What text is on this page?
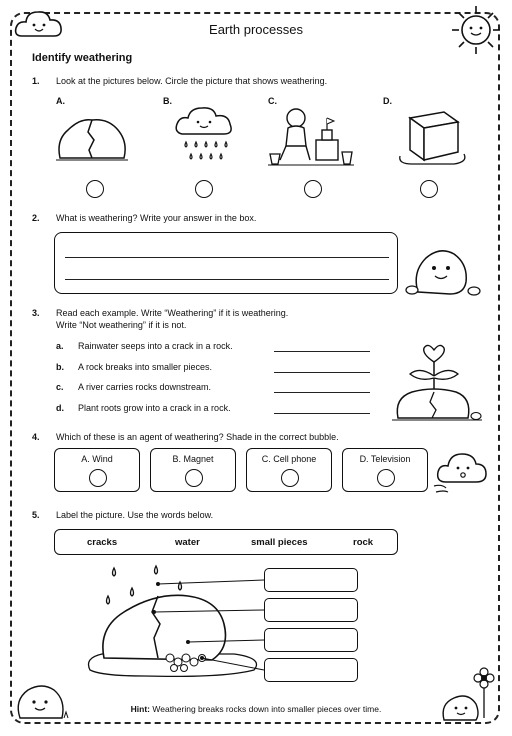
Earth processes
Identify weathering
1. Look at the pictures below. Circle the picture that shows weathering.
A.	B.	C.	D.
2. What is weathering? Write your answer in the box.
3. Read each example. Write “Weathering” if it is weathering.
Write “Not weathering” if it is not.
a. Rainwater seeps into a crack in a rock.
b. A rock breaks into smaller pieces.
c. A river carries rocks downstream.
d. Plant roots grow into a crack in a rock.
4. Which of these is an agent of weathering? Shade in the correct bubble.
A. Wind	B. Magnet	C. Cell phone	D. Television
5. Label the picture. Use the words below.
cracks	water	small pieces	rock
Hint: Weathering breaks rocks down into smaller pieces over time.
